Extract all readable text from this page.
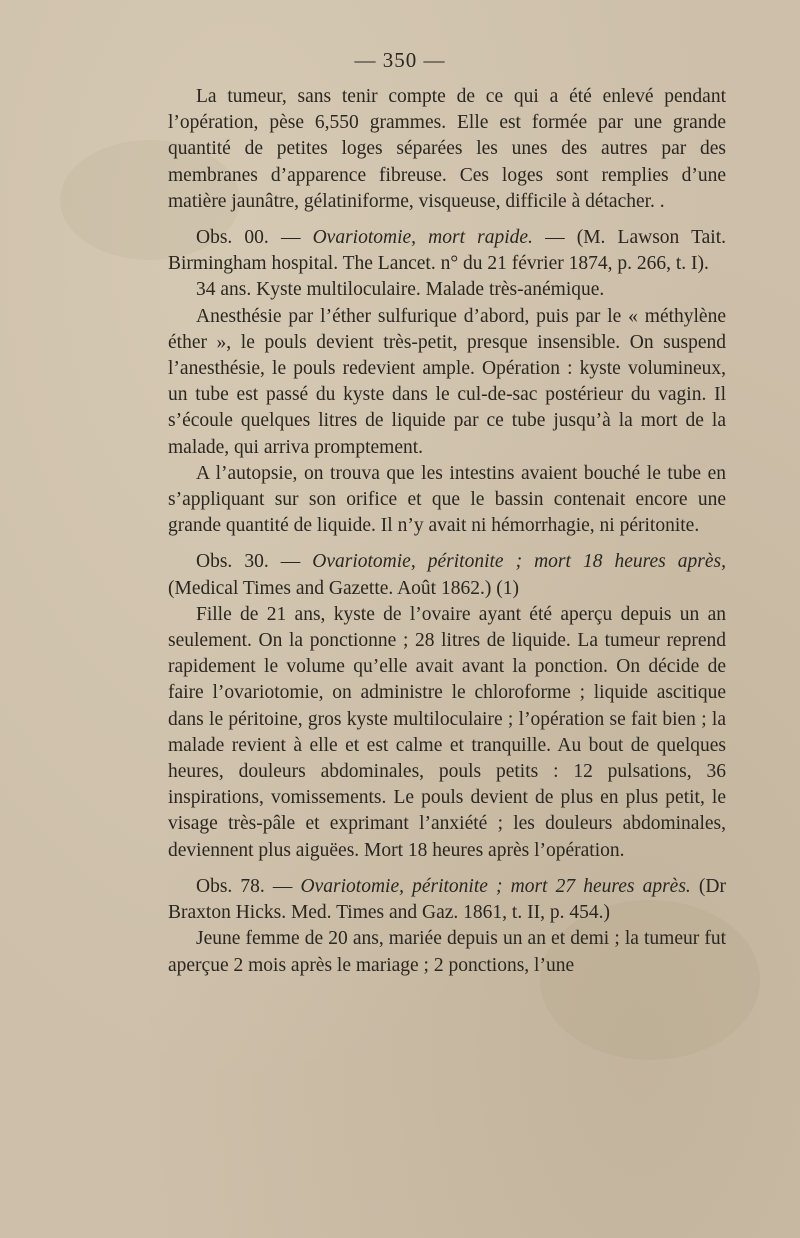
— 350 —

La tumeur, sans tenir compte de ce qui a été enlevé pendant l’opération, pèse 6,550 grammes. Elle est formée par une grande quantité de petites loges séparées les unes des autres par des membranes d’apparence fibreuse. Ces loges sont remplies d’une matière jaunâtre, gélatiniforme, visqueuse, difficile à détacher. .

Obs. 00. — Ovariotomie, mort rapide. — (M. Lawson Tait. Birmingham hospital. The Lancet. n° du 21 février 1874, p. 266, t. I).

34 ans. Kyste multiloculaire. Malade très-anémique.

Anesthésie par l’éther sulfurique d’abord, puis par le « méthylène éther », le pouls devient très-petit, presque insensible. On suspend l’anesthésie, le pouls redevient ample. Opération : kyste volumineux, un tube est passé du kyste dans le cul-de-sac postérieur du vagin. Il s’écoule quelques litres de liquide par ce tube jusqu’à la mort de la malade, qui arriva promptement.

A l’autopsie, on trouva que les intestins avaient bouché le tube en s’appliquant sur son orifice et que le bassin contenait encore une grande quantité de liquide. Il n’y avait ni hémorrhagie, ni péritonite.

Obs. 30. — Ovariotomie, péritonite ; mort 18 heures après, (Medical Times and Gazette. Août 1862.) (1)

Fille de 21 ans, kyste de l’ovaire ayant été aperçu depuis un an seulement. On la ponctionne ; 28 litres de liquide. La tumeur reprend rapidement le volume qu’elle avait avant la ponction. On décide de faire l’ovariotomie, on administre le chloroforme ; liquide ascitique dans le péritoine, gros kyste multiloculaire ; l’opération se fait bien ; la malade revient à elle et est calme et tranquille. Au bout de quelques heures, douleurs abdominales, pouls petits : 12 pulsations, 36 inspirations, vomissements. Le pouls devient de plus en plus petit, le visage très-pâle et exprimant l’anxiété ; les douleurs abdominales, deviennent plus aiguëes. Mort 18 heures après l’opération.

Obs. 78. — Ovariotomie, péritonite ; mort 27 heures après. (Dr Braxton Hicks. Med. Times and Gaz. 1861, t. II, p. 454.)

Jeune femme de 20 ans, mariée depuis un an et demi ; la tumeur fut aperçue 2 mois après le mariage ; 2 ponctions, l’une
